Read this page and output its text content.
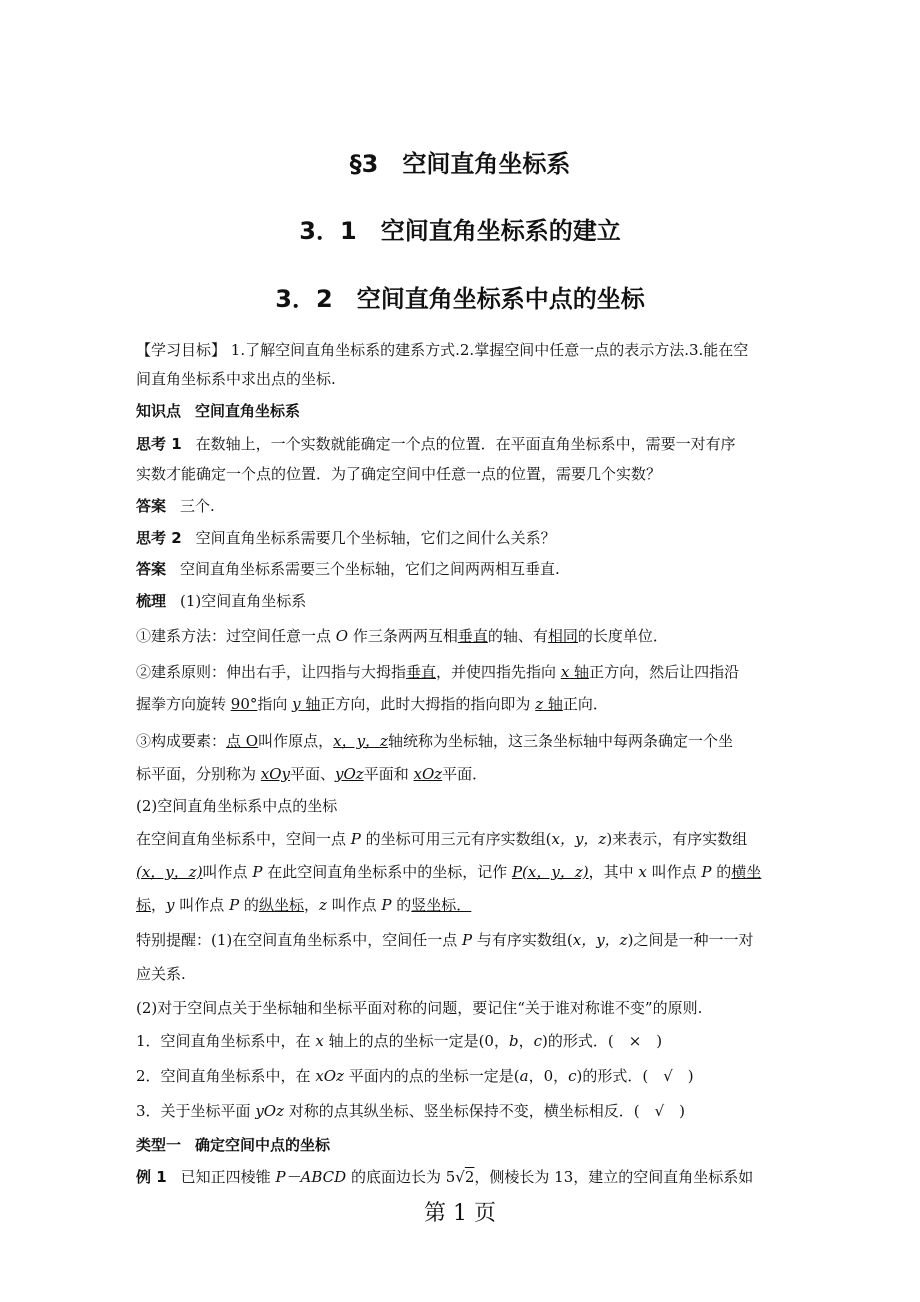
§3　空间直角坐标系
3．1　空间直角坐标系的建立
3．2　空间直角坐标系中点的坐标
【学习目标】 1.了解空间直角坐标系的建系方式.2.掌握空间中任意一点的表示方法.3.能在空
间直角坐标系中求出点的坐标.
知识点 空间直角坐标系
思考 1 在数轴上，一个实数就能确定一个点的位置．在平面直角坐标系中，需要一对有序
实数才能确定一个点的位置．为了确定空间中任意一点的位置，需要几个实数？
答案 三个.
思考 2 空间直角坐标系需要几个坐标轴，它们之间什么关系？
答案 空间直角坐标系需要三个坐标轴，它们之间两两相互垂直.
梳理 (1)空间直角坐标系
①建系方法：过空间任意一点 O 作三条两两互相垂直的轴、有相同的长度单位．
②建系原则：伸出右手，让四指与大拇指垂直，并使四指先指向 x 轴正方向，然后让四指沿
握拳方向旋转 90°指向 y 轴正方向，此时大拇指的指向即为 z 轴正向．
③构成要素：点 O叫作原点，x，y，z轴统称为坐标轴，这三条坐标轴中每两条确定一个坐
标平面，分别称为 xOy平面、yOz平面和 xOz平面．
(2)空间直角坐标系中点的坐标
在空间直角坐标系中，空间一点 P 的坐标可用三元有序实数组(x，y，z)来表示，有序实数组
(x，y，z)叫作点 P 在此空间直角坐标系中的坐标，记作 P(x，y，z)，其中 x 叫作点 P 的横坐
标，y 叫作点 P 的纵坐标，z 叫作点 P 的竖坐标．
特别提醒：(1)在空间直角坐标系中，空间任一点 P 与有序实数组(x，y，z)之间是一种一一对
应关系.
(2)对于空间点关于坐标轴和坐标平面对称的问题，要记住“关于谁对称谁不变”的原则.
1．空间直角坐标系中，在 x 轴上的点的坐标一定是(0，b，c)的形式．(　×　)
2．空间直角坐标系中，在 xOz 平面内的点的坐标一定是(a，0，c)的形式．(　√　)
3．关于坐标平面 yOz 对称的点其纵坐标、竖坐标保持不变，横坐标相反．(　√　)
类型一 确定空间中点的坐标
例 1 已知正四棱锥 P－ABCD 的底面边长为 5√2，侧棱长为 13，建立的空间直角坐标系如
第 1 页
